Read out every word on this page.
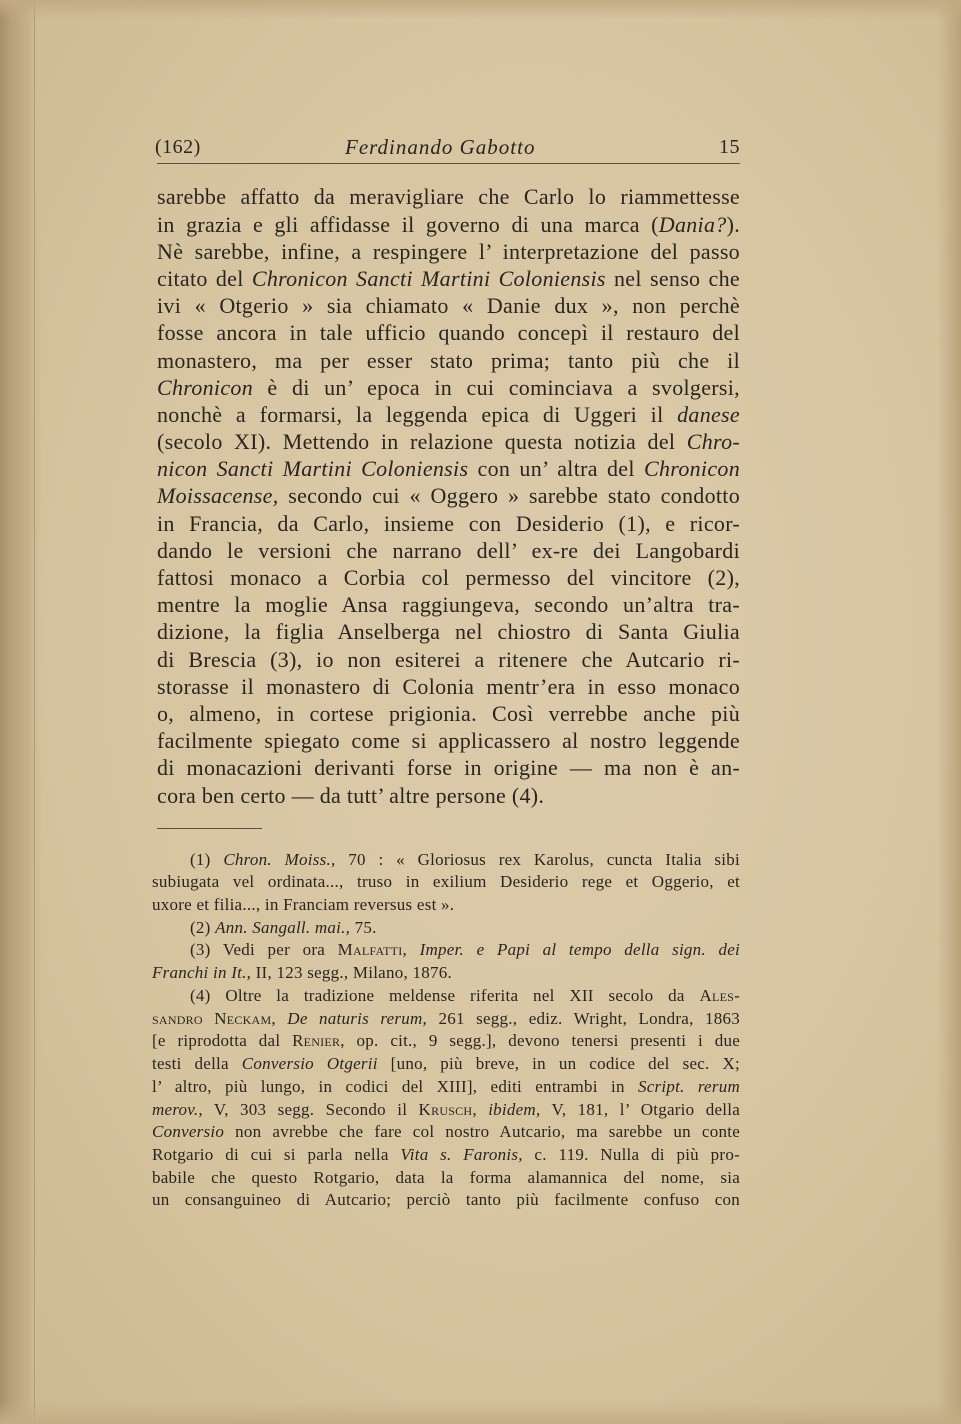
(162)	Ferdinando Gabotto	15
sarebbe affatto da meravigliare che Carlo lo riammettesse
in grazia e gli affidasse il governo di una marca (Dania?).
Nè sarebbe, infine, a respingere l’ interpretazione del passo
citato del Chronicon Sancti Martini Coloniensis nel senso che
ivi « Otgerio » sia chiamato « Danie dux », non perchè
fosse ancora in tale ufficio quando concepì il restauro del
monastero, ma per esser stato prima; tanto più che il
Chronicon è di un’ epoca in cui cominciava a svolgersi,
nonchè a formarsi, la leggenda epica di Uggeri il danese
(secolo XI). Mettendo in relazione questa notizia del Chro-
nicon Sancti Martini Coloniensis con un’ altra del Chronicon
Moissacense, secondo cui « Oggero » sarebbe stato condotto
in Francia, da Carlo, insieme con Desiderio (1), e ricor-
dando le versioni che narrano dell’ ex-re dei Langobardi
fattosi monaco a Corbia col permesso del vincitore (2),
mentre la moglie Ansa raggiungeva, secondo un’altra tra-
dizione, la figlia Anselberga nel chiostro di Santa Giulia
di Brescia (3), io non esiterei a ritenere che Autcario ri-
storasse il monastero di Colonia mentr’era in esso monaco
o, almeno, in cortese prigionia. Così verrebbe anche più
facilmente spiegato come si applicassero al nostro leggende
di monacazioni derivanti forse in origine — ma non è an-
cora ben certo — da tutt’ altre persone (4).
(1) Chron. Moiss., 70 : « Gloriosus rex Karolus, cuncta Italia sibi
subiugata vel ordinata..., truso in exilium Desiderio rege et Oggerio, et
uxore et filia..., in Franciam reversus est ».
(2) Ann. Sangall. mai., 75.
(3) Vedi per ora Malfatti, Imper. e Papi al tempo della sign. dei
Franchi in It., II, 123 segg., Milano, 1876.
(4) Oltre la tradizione meldense riferita nel XII secolo da Ales-
sandro Neckam, De naturis rerum, 261 segg., ediz. Wright, Londra, 1863
[e riprodotta dal Renier, op. cit., 9 segg.], devono tenersi presenti i due
testi della Conversio Otgerii [uno, più breve, in un codice del sec. X;
l’ altro, più lungo, in codici del XIII], editi entrambi in Script. rerum
merov., V, 303 segg. Secondo il Krusch, ibidem, V, 181, l’ Otgario della
Conversio non avrebbe che fare col nostro Autcario, ma sarebbe un conte
Rotgario di cui si parla nella Vita s. Faronis, c. 119. Nulla di più pro-
babile che questo Rotgario, data la forma alamannica del nome, sia
un consanguineo di Autcario; perciò tanto più facilmente confuso con
